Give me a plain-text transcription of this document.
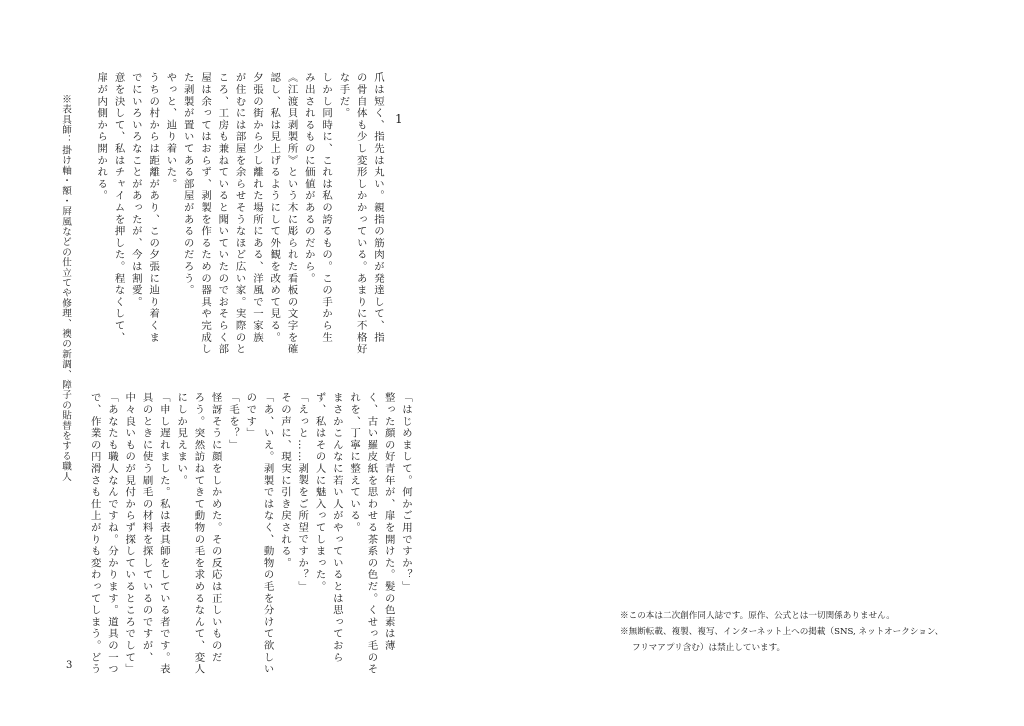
1
爪は短く、指先は丸い。親指の筋肉が発達して、指
の骨自体も少し変形しかかっている。あまりに不格好
な手だ。
しかし同時に、これは私の誇るもの。この手から生
み出されるものに価値があるのだから。
《江渡貝剥製所》という木に彫られた看板の文字を確
認し、私は見上げるようにして外観を改めて見る。
夕張の街から少し離れた場所にある、洋風で一家族
が住むには部屋を余らせそうなほど広い家。実際のと
ころ、工房も兼ねていると聞いていたのでおそらく部
屋は余ってはおらず、剥製を作るための器具や完成し
た剥製が置いてある部屋があるのだろう。
やっと、辿り着いた。
うちの村からは距離があり、この夕張に辿り着くま
でにいろいろなことがあったが、今は割愛。
意を決して、私はチャイムを押した。程なくして、
扉が内側から開かれる。
「はじめまして。何かご用ですか？」
整った顔の好青年が、扉を開けた。髪の色素は薄
く、古い羅皮紙を思わせる茶系の色だ。くせっ毛のそ
れを、丁寧に整えている。
まさかこんなに若い人がやっているとは思っておら
ず、私はその人に魅入ってしまった。
「えっと……剥製をご所望ですか？」
その声に、現実に引き戻される。
「あ、いえ。剥製ではなく、動物の毛を分けて欲しい
のです」
「毛を？」
怪訝そうに顔をしかめた。その反応は正しいものだ
ろう。突然訪ねてきて動物の毛を求めるなんて、変人
にしか見えまい。
「申し遅れました。私は表具師をしている者です。表
具のときに使う刷毛の材料を探しているのですが、
中々良いものが見付からず探しているところでして」
「あなたも職人なんですね。分かります。道具の一つ
で、作業の円滑さも仕上がりも変わってしまう。どう
※表具師：掛け軸・額・屛風などの仕立てや修理、襖の新調、障子の貼替をする職人
3
※この本は二次創作同人誌です。原作、公式とは一切関係ありません。
※無断転載、複製、複写、インターネット上への掲載（SNS, ネットオークション、
フリマアプリ含む）は禁止しています。
